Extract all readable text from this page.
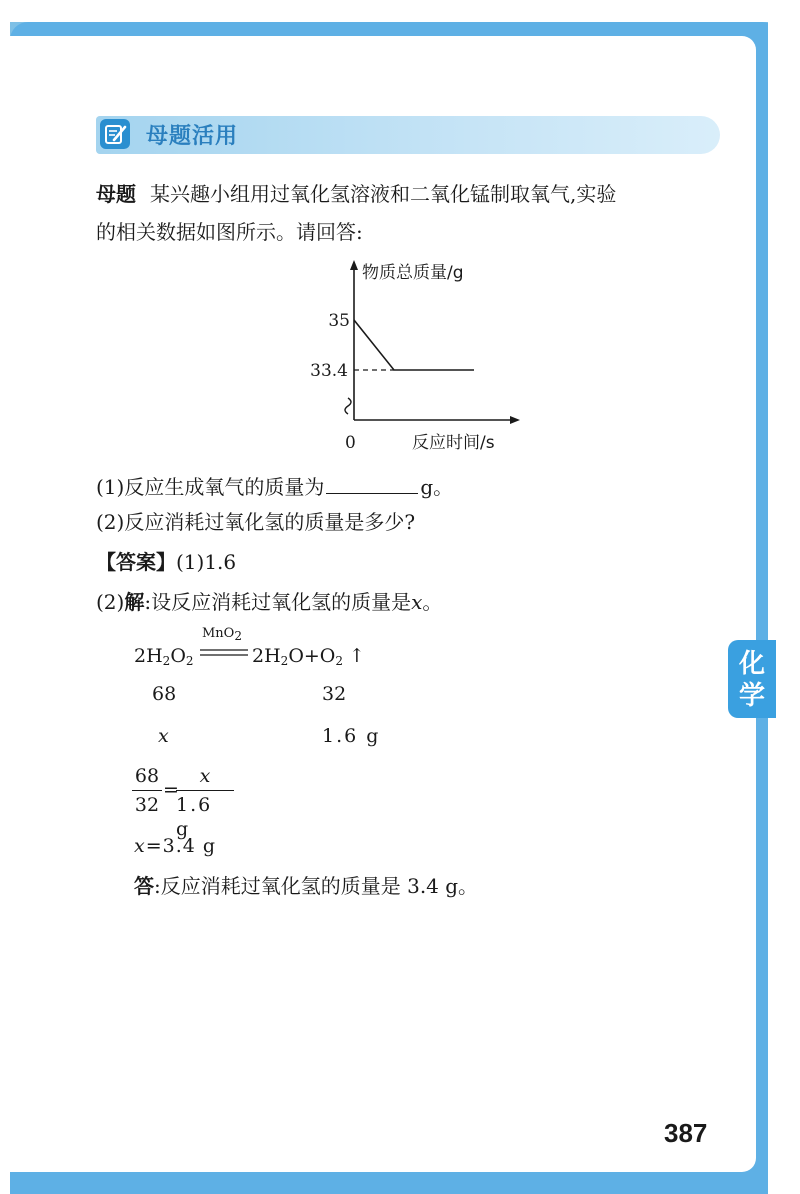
母题活用
母题 某兴趣小组用过氧化氢溶液和二氧化锰制取氧气,实验
的相关数据如图所示。请回答:
物质总质量/g
反应时间/s
0
35
33.4
(1)反应生成氧气的质量为	g。
(2)反应消耗过氧化氢的质量是多少?
【答案】(1)1.6
(2)解:设反应消耗过氧化氢的质量是x。
MnO$_2$
$2H_2O_2$	$2H_2O+O_2$ ↑
68	32
x	1.6 g
68
32
=
x
1.6 g
x=3.4 g
答:反应消耗过氧化氢的质量是 3.4 g。
化
学
387
